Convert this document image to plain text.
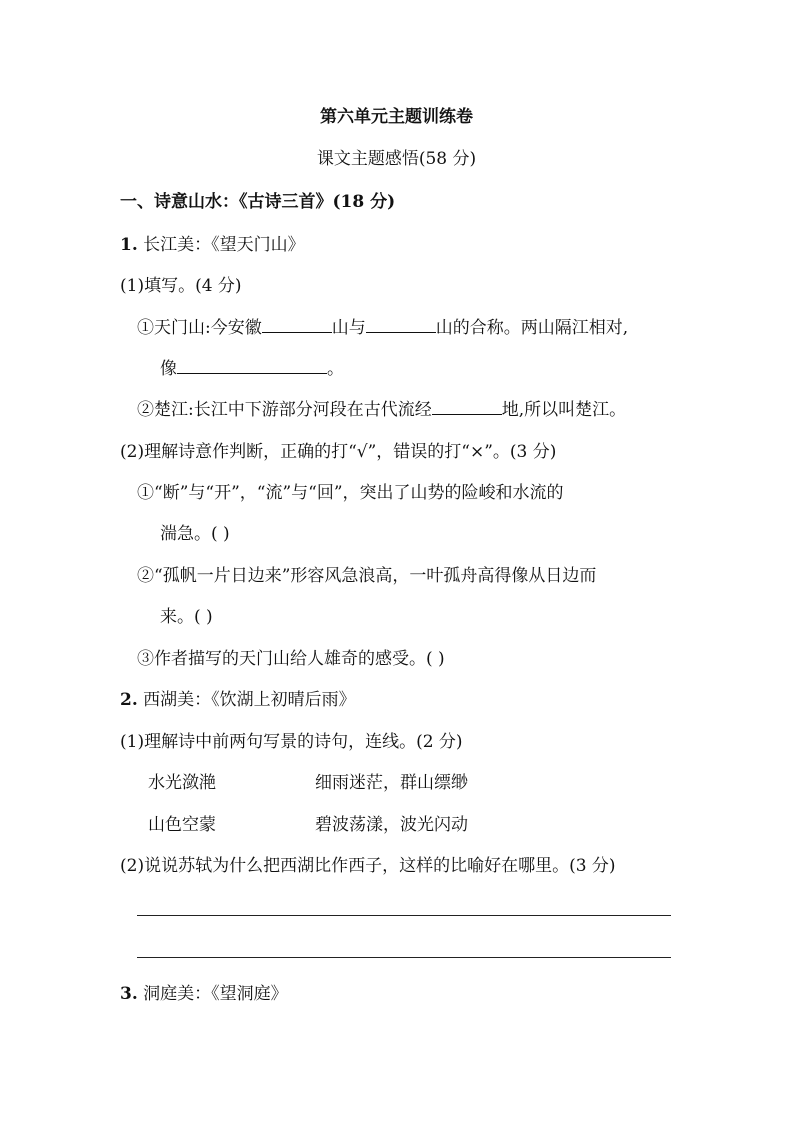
第六单元主题训练卷
课文主题感悟(58 分)
一、诗意山水：《古诗三首》(18 分)
1. 长江美：《望天门山》
(1)填写。(4 分)
①天门山:今安徽	山与	山的合称。两山隔江相对,
像	。
②楚江:长江中下游部分河段在古代流经	地,所以叫楚江。
(2)理解诗意作判断，正确的打“√”，错误的打“×”。(3 分)
①“断”与“开”，“流”与“回”，突出了山势的险峻和水流的
湍急。( )
②“孤帆一片日边来”形容风急浪高，一叶孤舟高得像从日边而
来。( )
③作者描写的天门山给人雄奇的感受。( )
2. 西湖美：《饮湖上初晴后雨》
(1)理解诗中前两句写景的诗句，连线。(2 分)
水光潋滟	细雨迷茫，群山缥缈
山色空蒙	碧波荡漾，波光闪动
(2)说说苏轼为什么把西湖比作西子，这样的比喻好在哪里。(3 分)
3. 洞庭美：《望洞庭》
